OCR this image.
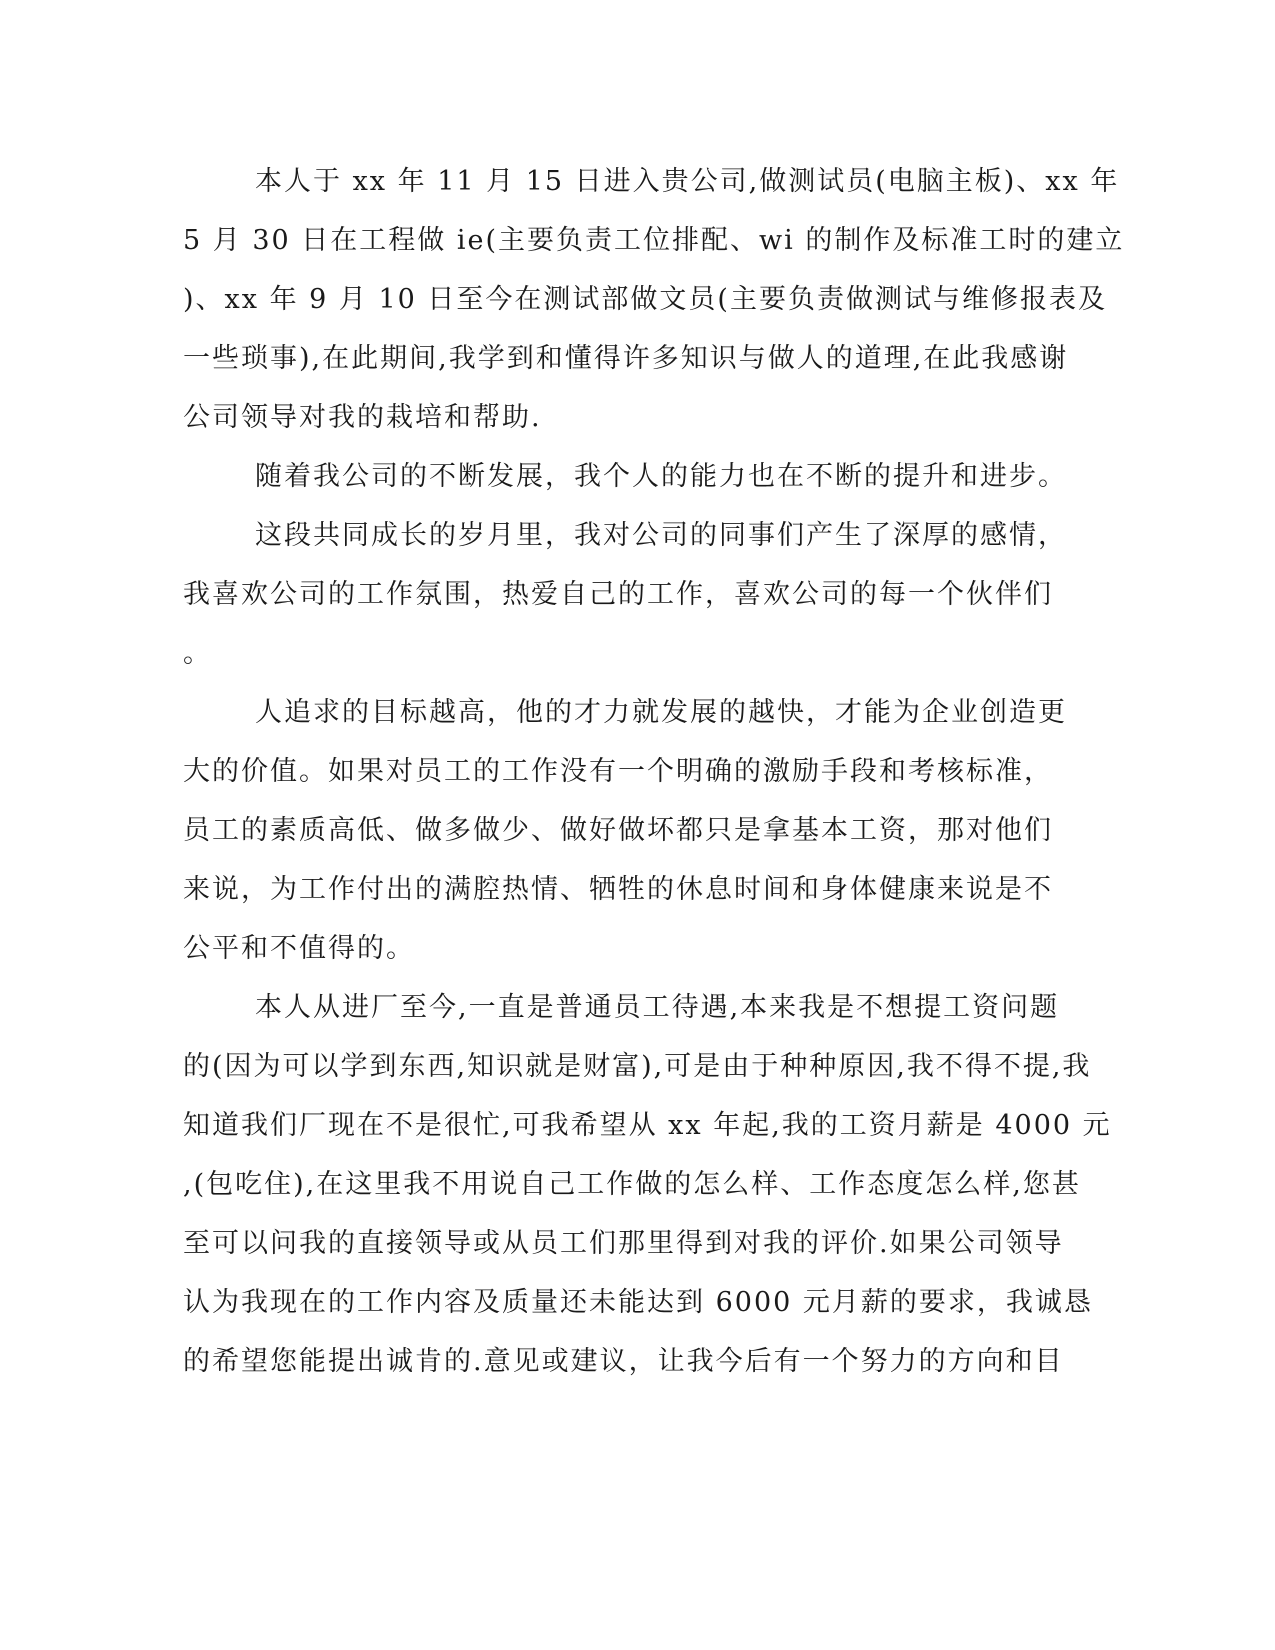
本人于 xx 年 11 月 15 日进入贵公司,做测试员(电脑主板)、xx 年
5 月 30 日在工程做 ie(主要负责工位排配、wi 的制作及标准工时的建立
)、xx 年 9 月 10 日至今在测试部做文员(主要负责做测试与维修报表及
一些琐事),在此期间,我学到和懂得许多知识与做人的道理,在此我感谢
公司领导对我的栽培和帮助.
随着我公司的不断发展，我个人的能力也在不断的提升和进步。
这段共同成长的岁月里，我对公司的同事们产生了深厚的感情，
我喜欢公司的工作氛围，热爱自己的工作，喜欢公司的每一个伙伴们
。
人追求的目标越高，他的才力就发展的越快，才能为企业创造更
大的价值。如果对员工的工作没有一个明确的激励手段和考核标准，
员工的素质高低、做多做少、做好做坏都只是拿基本工资，那对他们
来说，为工作付出的满腔热情、牺牲的休息时间和身体健康来说是不
公平和不值得的。
本人从进厂至今,一直是普通员工待遇,本来我是不想提工资问题
的(因为可以学到东西,知识就是财富),可是由于种种原因,我不得不提,我
知道我们厂现在不是很忙,可我希望从 xx 年起,我的工资月薪是 4000 元
,(包吃住),在这里我不用说自己工作做的怎么样、工作态度怎么样,您甚
至可以问我的直接领导或从员工们那里得到对我的评价.如果公司领导
认为我现在的工作内容及质量还未能达到 6000 元月薪的要求，我诚恳
的希望您能提出诚肯的.意见或建议，让我今后有一个努力的方向和目
